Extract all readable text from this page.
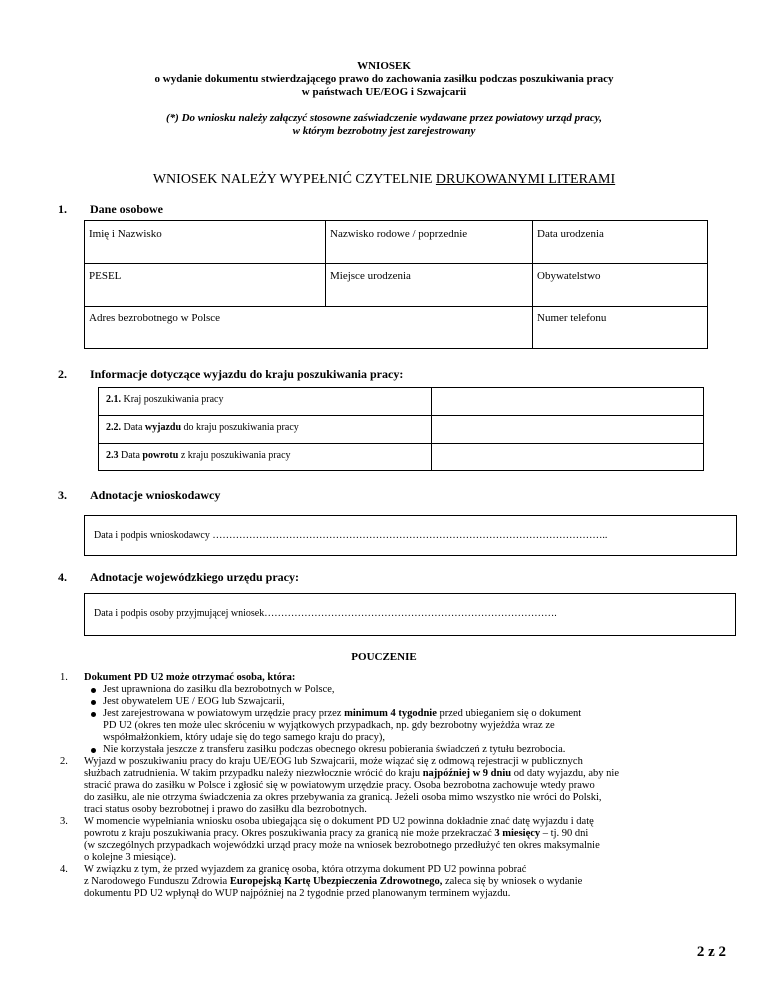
WNIOSEK
o wydanie dokumentu stwierdzającego prawo do zachowania zasiłku podczas poszukiwania pracy
w państwach UE/EOG i Szwajcarii
(*) Do wniosku należy załączyć stosowne zaświadczenie wydawane przez powiatowy urząd pracy,
w którym bezrobotny jest zarejestrowany
WNIOSEK NALEŻY WYPEŁNIĆ CZYTELNIE DRUKOWANYMI LITERAMI
1. Dane osobowe
Imię i Nazwisko	Nazwisko rodowe / poprzednie	Data urodzenia
PESEL	Miejsce urodzenia	Obywatelstwo
Adres bezrobotnego w Polsce	Numer telefonu
2. Informacje dotyczące wyjazdu do kraju poszukiwania pracy:
2.1. Kraj poszukiwania pracy
2.2. Data wyjazdu do kraju poszukiwania pracy
2.3 Data powrotu z kraju poszukiwania pracy
3. Adnotacje wnioskodawcy
Data i podpis wnioskodawcy ………………………………………………………………………………………………………..
4. Adnotacje wojewódzkiego urzędu pracy:
Data i podpis osoby przyjmującej wniosek…………………………………………………………………………….
POUCZENIE
1. Dokument PD U2 może otrzymać osoba, która:
Jest uprawniona do zasiłku dla bezrobotnych w Polsce,
Jest obywatelem UE / EOG lub Szwajcarii,
Jest zarejestrowana w powiatowym urzędzie pracy przez minimum 4 tygodnie przed ubieganiem się o dokument
PD U2 (okres ten może ulec skróceniu w wyjątkowych przypadkach, np. gdy bezrobotny wyjeżdża wraz ze
współmałżonkiem, który udaje się do tego samego kraju do pracy),
Nie korzystała jeszcze z transferu zasiłku podczas obecnego okresu pobierania świadczeń z tytułu bezrobocia.
2. Wyjazd w poszukiwaniu pracy do kraju UE/EOG lub Szwajcarii, może wiązać się z odmową rejestracji w publicznych
służbach zatrudnienia. W takim przypadku należy niezwłocznie wrócić do kraju najpóźniej w 9 dniu od daty wyjazdu, aby nie
stracić prawa do zasiłku w Polsce i zgłosić się w powiatowym urzędzie pracy. Osoba bezrobotna zachowuje wtedy prawo
do zasiłku, ale nie otrzyma świadczenia za okres przebywania za granicą. Jeżeli osoba mimo wszystko nie wróci do Polski,
traci status osoby bezrobotnej i prawo do zasiłku dla bezrobotnych.
3. W momencie wypełniania wniosku osoba ubiegająca się o dokument PD U2 powinna dokładnie znać datę wyjazdu i datę
powrotu z kraju poszukiwania pracy. Okres poszukiwania pracy za granicą nie może przekraczać 3 miesięcy – tj. 90 dni
(w szczególnych przypadkach wojewódzki urząd pracy może na wniosek bezrobotnego przedłużyć ten okres maksymalnie
o kolejne 3 miesiące).
4. W związku z tym, że przed wyjazdem za granicę osoba, która otrzyma dokument PD U2 powinna pobrać
z Narodowego Funduszu Zdrowia Europejską Kartę Ubezpieczenia Zdrowotnego, zaleca się by wniosek o wydanie
dokumentu PD U2 wpłynął do WUP najpóźniej na 2 tygodnie przed planowanym terminem wyjazdu.
2 z 2
